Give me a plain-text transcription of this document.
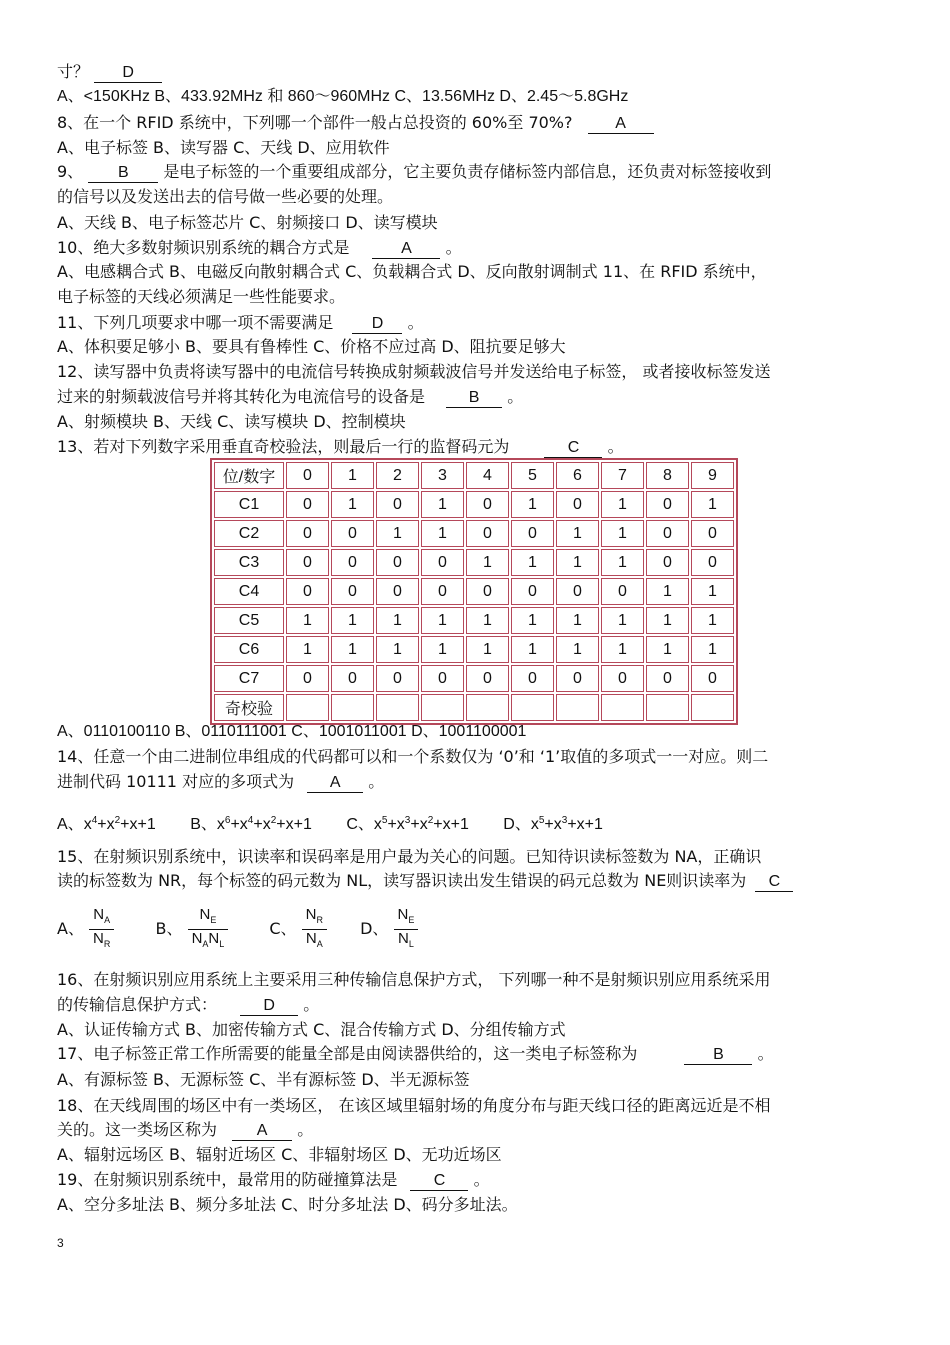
寸？ D
A、<150KHz B、433.92MHz 和 860～960MHz C、13.56MHz D、2.45～5.8GHz
8、在一个 RFID 系统中，下列哪一个部件一般占总投资的 60%至 70%?	A
A、电子标签 B、读写器 C、天线 D、应用软件
9、 B 是电子标签的一个重要组成部分，它主要负责存储标签内部信息，还负责对标签接收到
的信号以及发送出去的信号做一些必要的处理。
A、天线 B、电子标签芯片 C、射频接口 D、读写模块
10、绝大多数射频识别系统的耦合方式是	A 。
A、电感耦合式 B、电磁反向散射耦合式 C、负载耦合式 D、反向散射调制式 11、在 RFID 系统中，
电子标签的天线必须满足一些性能要求。
11、下列几项要求中哪一项不需要满足 D 。
A、体积要足够小 B、要具有鲁棒性 C、价格不应过高 D、阻抗要足够大
12、读写器中负责将读写器中的电流信号转换成射频载波信号并发送给电子标签， 或者接收标签发送
过来的射频载波信号并将其转化为电流信号的设备是	B 。
A、射频模块 B、天线 C、读写模块 D、控制模块
13、若对下列数字采用垂直奇校验法，则最后一行的监督码元为	C 。
位/数字	0	1	2	3	4	5	6	7	8	9
C1	0	1	0	1	0	1	0	1	0	1
C2	0	0	1	1	0	0	1	1	0	0
C3	0	0	0	0	1	1	1	1	0	0
C4	0	0	0	0	0	0	0	0	1	1
C5	1	1	1	1	1	1	1	1	1	1
C6	1	1	1	1	1	1	1	1	1	1
C7	0	0	0	0	0	0	0	0	0	0
奇校验										
A、0110100110 B、0110111001 C、1001011001 D、1001100001
14、任意一个由二进制位串组成的代码都可以和一个系数仅为 ‘0’和 ‘1’取值的多项式一一对应。则二
进制代码 10111 对应的多项式为 A 。
A、$x^4+x^2+x+1$ B、$x^6+x^4+x^2+x+1$ C、$x^5+x^3+x^2+x+1$ D、$x^5+x^3+x+1$
15、在射频识别系统中，识读率和误码率是用户最为关心的问题。已知待识读标签数为 NA，正确识
读的标签数为 NR，每个标签的码元数为 NL，读写器识读出发生错误的码元总数为 NE则识读率为 C
A、 $\frac{N_A}{N_R}$	B、 $\frac{N_E}{N_AN_L}$	C、 $\frac{N_R}{N_A}$ D、 $\frac{N_E}{N_L}$
16、在射频识别应用系统上主要采用三种传输信息保护方式， 下列哪一种不是射频识别应用系统采用
的传输信息保护方式：	D 。
A、认证传输方式 B、加密传输方式 C、混合传输方式 D、分组传输方式
17、电子标签正常工作所需要的能量全部是由阅读器供给的，这一类电子标签称为	B 。
A、有源标签 B、无源标签 C、半有源标签 D、半无源标签
18、在天线周围的场区中有一类场区， 在该区域里辐射场的角度分布与距天线口径的距离远近是不相
关的。这一类场区称为 A 。
A、辐射远场区 B、辐射近场区 C、非辐射场区 D、无功近场区
19、在射频识别系统中，最常用的防碰撞算法是 C 。
A、空分多址法 B、频分多址法 C、时分多址法 D、码分多址法。
3
